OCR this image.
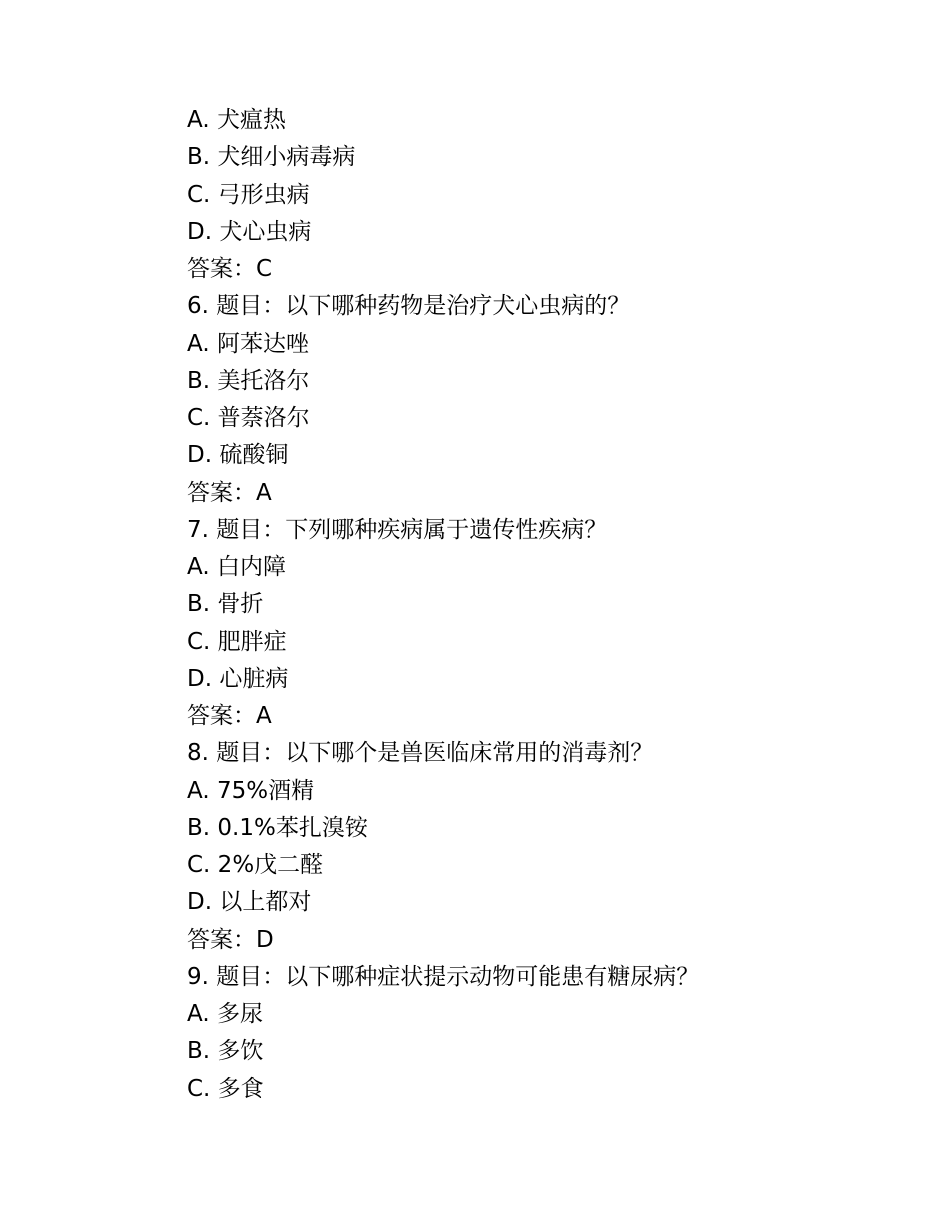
A. 犬瘟热
B. 犬细小病毒病
C. 弓形虫病
D. 犬心虫病
答案：C
6. 题目：以下哪种药物是治疗犬心虫病的？
A. 阿苯达唑
B. 美托洛尔
C. 普萘洛尔
D. 硫酸铜
答案：A
7. 题目：下列哪种疾病属于遗传性疾病？
A. 白内障
B. 骨折
C. 肥胖症
D. 心脏病
答案：A
8. 题目：以下哪个是兽医临床常用的消毒剂？
A. 75%酒精
B. 0.1%苯扎溴铵
C. 2%戊二醛
D. 以上都对
答案：D
9. 题目：以下哪种症状提示动物可能患有糖尿病？
A. 多尿
B. 多饮
C. 多食
